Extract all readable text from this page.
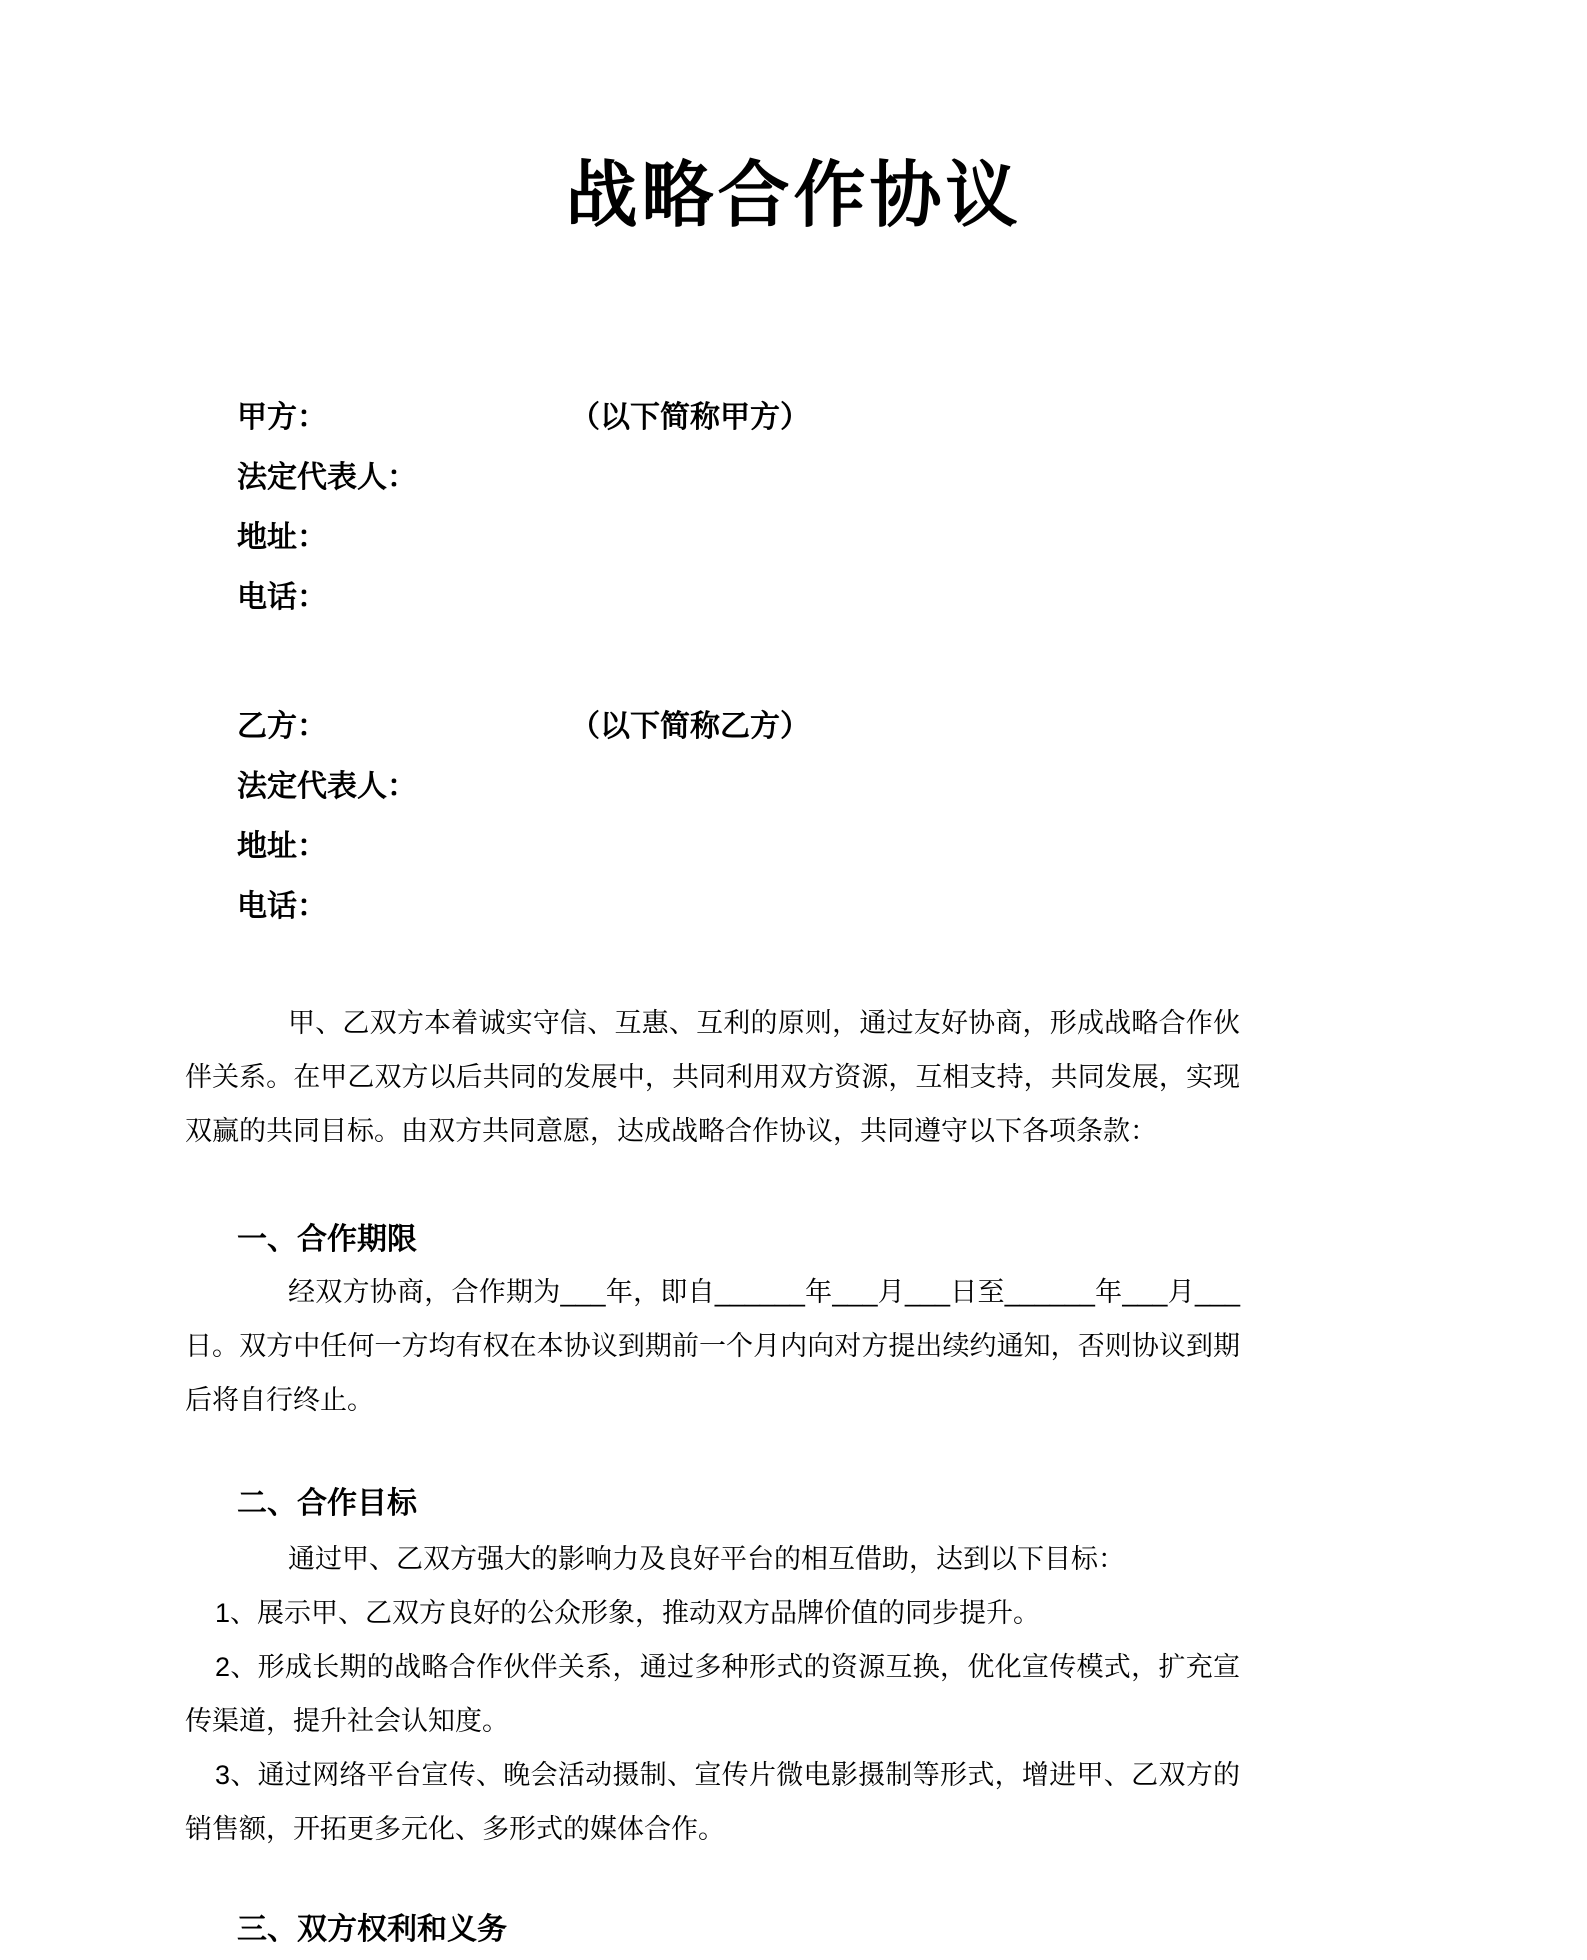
战略合作协议
甲方：	（以下简称甲方）
法定代表人：
地址：
电话：
乙方：	（以下简称乙方）
法定代表人：
地址：
电话：

甲、乙双方本着诚实守信、互惠、互利的原则，通过友好协商，形成战略合作伙伴关系。在甲乙双方以后共同的发展中，共同利用双方资源，互相支持，共同发展，实现双赢的共同目标。由双方共同意愿，达成战略合作协议，共同遵守以下各项条款：

一、合作期限

经双方协商，合作期为___年，即自______年___月___日至______年___月___日。双方中任何一方均有权在本协议到期前一个月内向对方提出续约通知，否则协议到期后将自行终止。

二、合作目标

通过甲、乙双方强大的影响力及良好平台的相互借助，达到以下目标：

1、展示甲、乙双方良好的公众形象，推动双方品牌价值的同步提升。

2、形成长期的战略合作伙伴关系，通过多种形式的资源互换，优化宣传模式，扩充宣传渠道，提升社会认知度。

3、通过网络平台宣传、晚会活动摄制、宣传片微电影摄制等形式，增进甲、乙双方的销售额，开拓更多元化、多形式的媒体合作。

三、双方权利和义务
